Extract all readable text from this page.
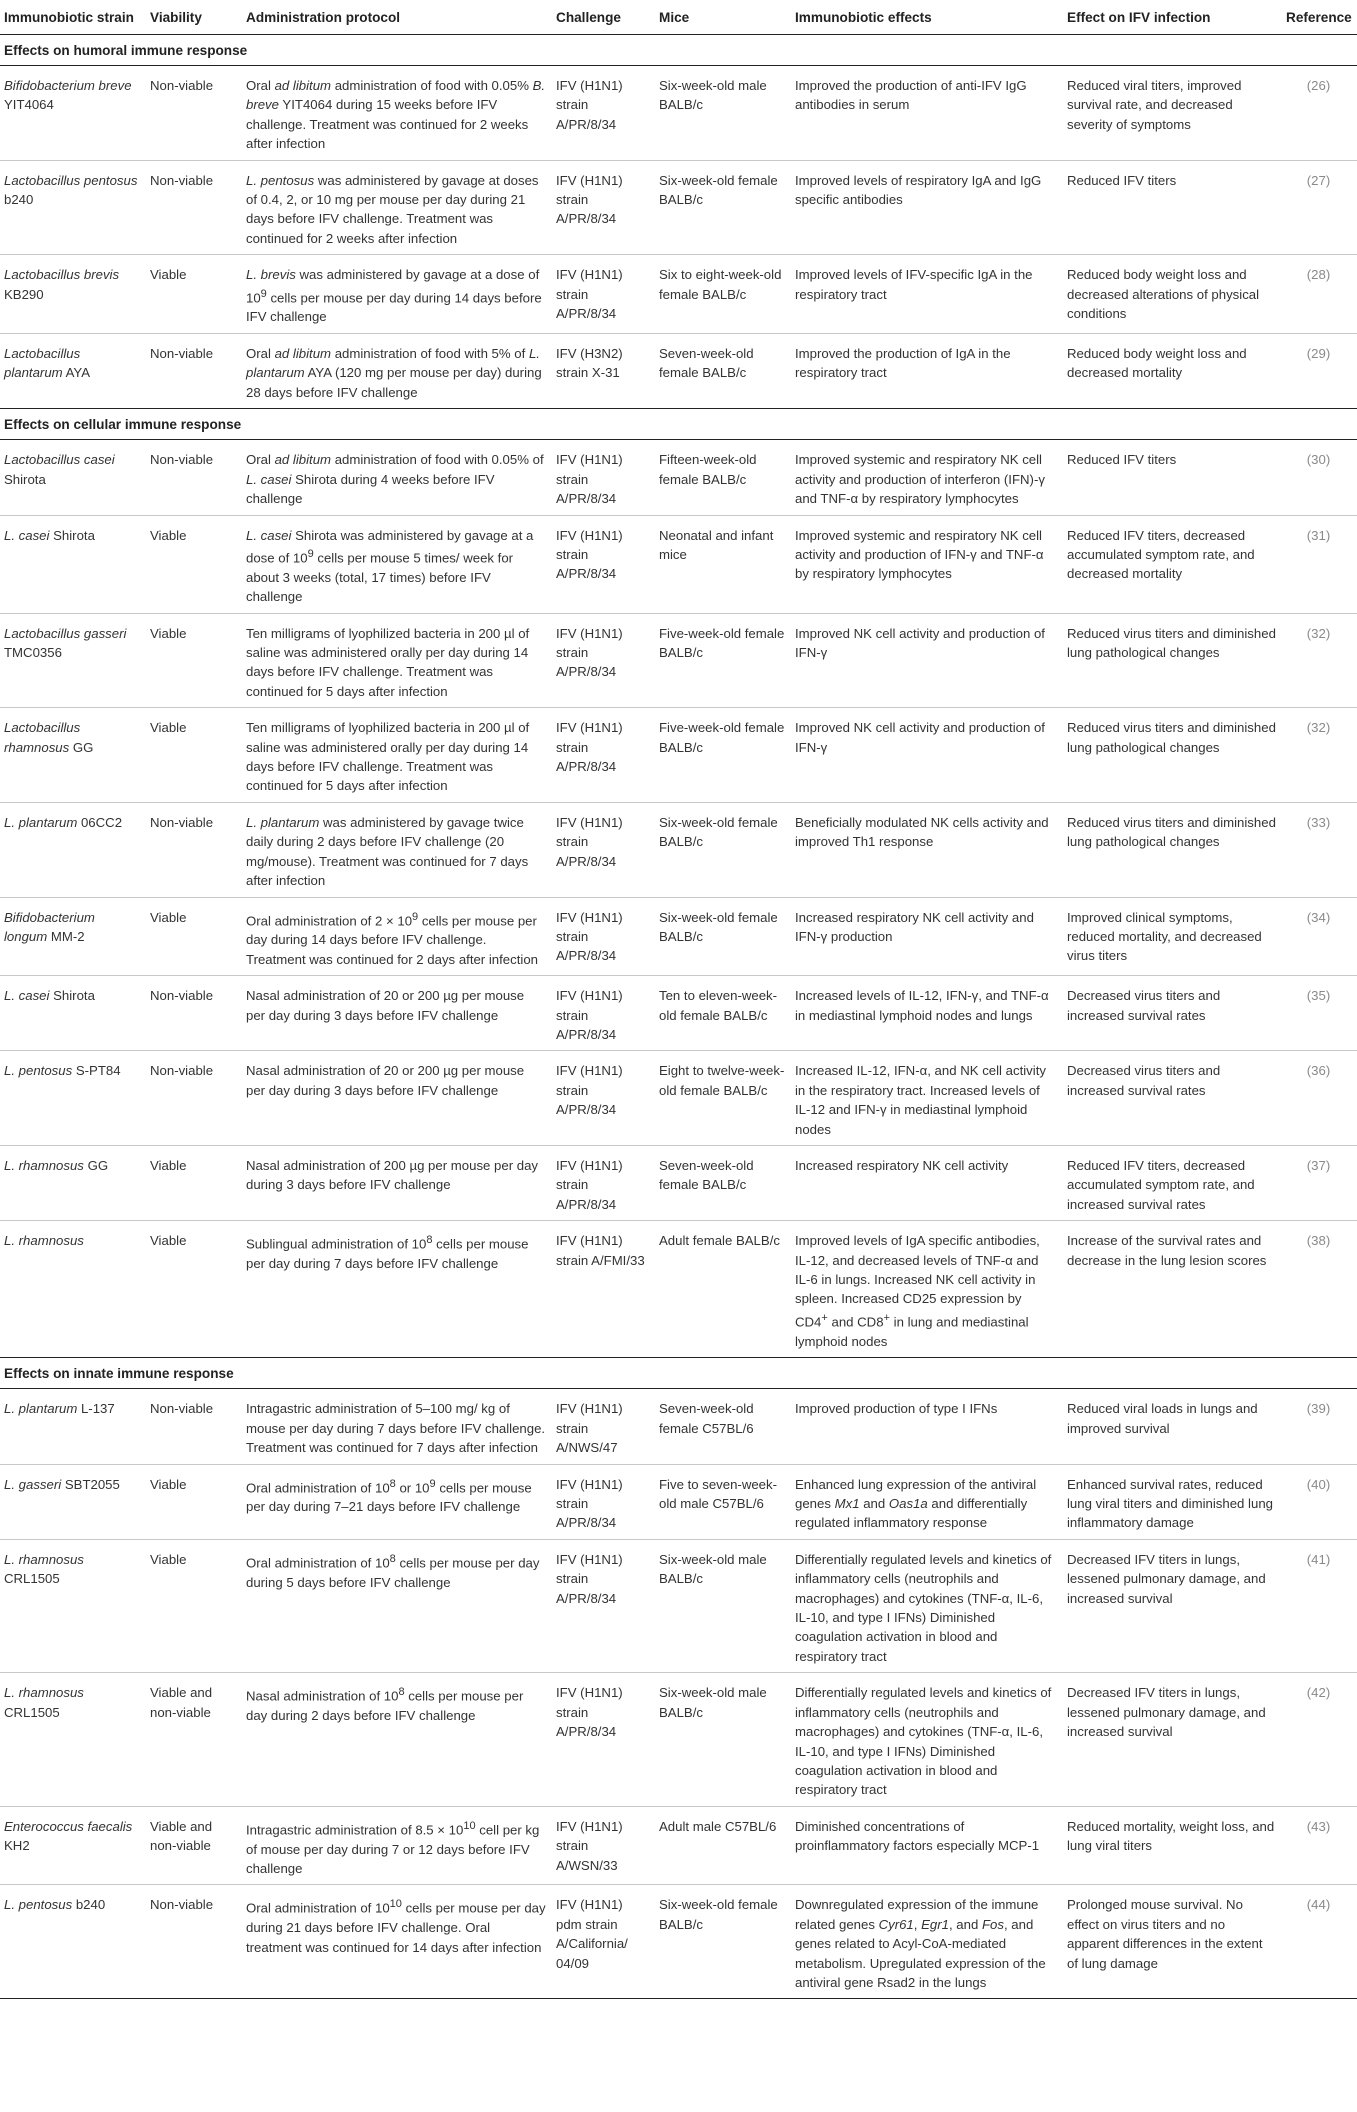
Immunobiotic strain	Viability	Administration protocol	Challenge	Mice	Immunobiotic effects	Effect on IFV infection	Reference
Effects on humoral immune response							
Bifidobacterium breve YIT4064	Non-viable	Oral ad libitum administration of food with 0.05% B. breve YIT4064 during 15 weeks before IFV challenge. Treatment was continued for 2 weeks after infection	IFV (H1N1) strain A/PR/8/34	Six-week-old male BALB/c	Improved the production of anti-IFV IgG antibodies in serum	Reduced viral titers, improved survival rate, and decreased severity of symptoms	(26)
Lactobacillus pentosus b240	Non-viable	L. pentosus was administered by gavage at doses of 0.4, 2, or 10 mg per mouse per day during 21 days before IFV challenge. Treatment was continued for 2 weeks after infection	IFV (H1N1) strain A/PR/8/34	Six-week-old female BALB/c	Improved levels of respiratory IgA and IgG specific antibodies	Reduced IFV titers	(27)
Lactobacillus brevis KB290	Viable	L. brevis was administered by gavage at a dose of $10^9$ cells per mouse per day during 14 days before IFV challenge	IFV (H1N1) strain A/PR/8/34	Six to eight-week-old female BALB/c	Improved levels of IFV-specific IgA in the respiratory tract	Reduced body weight loss and decreased alterations of physical conditions	(28)
Lactobacillus plantarum AYA	Non-viable	Oral ad libitum administration of food with 5% of L. plantarum AYA (120 mg per mouse per day) during 28 days before IFV challenge	IFV (H3N2) strain X-31	Seven-week-old female BALB/c	Improved the production of IgA in the respiratory tract	Reduced body weight loss and decreased mortality	(29)
Effects on cellular immune response							
Lactobacillus casei Shirota	Non-viable	Oral ad libitum administration of food with 0.05% of L. casei Shirota during 4 weeks before IFV challenge	IFV (H1N1) strain A/PR/8/34	Fifteen-week-old female BALB/c	Improved systemic and respiratory NK cell activity and production of interferon (IFN)-γ and TNF-α by respiratory lymphocytes	Reduced IFV titers	(30)
L. casei Shirota	Viable	L. casei Shirota was administered by gavage at a dose of $10^9$ cells per mouse 5 times/ week for about 3 weeks (total, 17 times) before IFV challenge	IFV (H1N1) strain A/PR/8/34	Neonatal and infant mice	Improved systemic and respiratory NK cell activity and production of IFN-γ and TNF-α by respiratory lymphocytes	Reduced IFV titers, decreased accumulated symptom rate, and decreased mortality	(31)
Lactobacillus gasseri TMC0356	Viable	Ten milligrams of lyophilized bacteria in 200 µl of saline was administered orally per day during 14 days before IFV challenge. Treatment was continued for 5 days after infection	IFV (H1N1) strain A/PR/8/34	Five-week-old female BALB/c	Improved NK cell activity and production of IFN-γ	Reduced virus titers and diminished lung pathological changes	(32)
Lactobacillus rhamnosus GG	Viable	Ten milligrams of lyophilized bacteria in 200 µl of saline was administered orally per day during 14 days before IFV challenge. Treatment was continued for 5 days after infection	IFV (H1N1) strain A/PR/8/34	Five-week-old female BALB/c	Improved NK cell activity and production of IFN-γ	Reduced virus titers and diminished lung pathological changes	(32)
L. plantarum 06CC2	Non-viable	L. plantarum was administered by gavage twice daily during 2 days before IFV challenge (20 mg/mouse). Treatment was continued for 7 days after infection	IFV (H1N1) strain A/PR/8/34	Six-week-old female BALB/c	Beneficially modulated NK cells activity and improved Th1 response	Reduced virus titers and diminished lung pathological changes	(33)
Bifidobacterium longum MM-2	Viable	Oral administration of $2 \times 10^9$ cells per mouse per day during 14 days before IFV challenge. Treatment was continued for 2 days after infection	IFV (H1N1) strain A/PR/8/34	Six-week-old female BALB/c	Increased respiratory NK cell activity and IFN-γ production	Improved clinical symptoms, reduced mortality, and decreased virus titers	(34)
L. casei Shirota	Non-viable	Nasal administration of 20 or 200 µg per mouse per day during 3 days before IFV challenge	IFV (H1N1) strain A/PR/8/34	Ten to eleven-week-old female BALB/c	Increased levels of IL-12, IFN-γ, and TNF-α in mediastinal lymphoid nodes and lungs	Decreased virus titers and increased survival rates	(35)
L. pentosus S-PT84	Non-viable	Nasal administration of 20 or 200 µg per mouse per day during 3 days before IFV challenge	IFV (H1N1) strain A/PR/8/34	Eight to twelve-week-old female BALB/c	Increased IL-12, IFN-α, and NK cell activity in the respiratory tract. Increased levels of IL-12 and IFN-γ in mediastinal lymphoid nodes	Decreased virus titers and increased survival rates	(36)
L. rhamnosus GG	Viable	Nasal administration of 200 µg per mouse per day during 3 days before IFV challenge	IFV (H1N1) strain A/PR/8/34	Seven-week-old female BALB/c	Increased respiratory NK cell activity	Reduced IFV titers, decreased accumulated symptom rate, and increased survival rates	(37)
L. rhamnosus	Viable	Sublingual administration of $10^8$ cells per mouse per day during 7 days before IFV challenge	IFV (H1N1) strain A/FMI/33	Adult female BALB/c	Improved levels of IgA specific antibodies, IL-12, and decreased levels of TNF-α and IL-6 in lungs. Increased NK cell activity in spleen. Increased CD25 expression by CD4+ and CD8+ in lung and mediastinal lymphoid nodes	Increase of the survival rates and decrease in the lung lesion scores	(38)
Effects on innate immune response							
L. plantarum L-137	Non-viable	Intragastric administration of 5–100 mg/ kg of mouse per day during 7 days before IFV challenge. Treatment was continued for 7 days after infection	IFV (H1N1) strain A/NWS/47	Seven-week-old female C57BL/6	Improved production of type I IFNs	Reduced viral loads in lungs and improved survival	(39)
L. gasseri SBT2055	Viable	Oral administration of $10^8$ or $10^9$ cells per mouse per day during 7–21 days before IFV challenge	IFV (H1N1) strain A/PR/8/34	Five to seven-week-old male C57BL/6	Enhanced lung expression of the antiviral genes Mx1 and Oas1a and differentially regulated inflammatory response	Enhanced survival rates, reduced lung viral titers and diminished lung inflammatory damage	(40)
L. rhamnosus CRL1505	Viable	Oral administration of $10^8$ cells per mouse per day during 5 days before IFV challenge	IFV (H1N1) strain A/PR/8/34	Six-week-old male BALB/c	Differentially regulated levels and kinetics of inflammatory cells (neutrophils and macrophages) and cytokines (TNF-α, IL-6, IL-10, and type I IFNs) Diminished coagulation activation in blood and respiratory tract	Decreased IFV titers in lungs, lessened pulmonary damage, and increased survival	(41)
L. rhamnosus CRL1505	Viable and non-viable	Nasal administration of $10^8$ cells per mouse per day during 2 days before IFV challenge	IFV (H1N1) strain A/PR/8/34	Six-week-old male BALB/c	Differentially regulated levels and kinetics of inflammatory cells (neutrophils and macrophages) and cytokines (TNF-α, IL-6, IL-10, and type I IFNs) Diminished coagulation activation in blood and respiratory tract	Decreased IFV titers in lungs, lessened pulmonary damage, and increased survival	(42)
Enterococcus faecalis KH2	Viable and non-viable	Intragastric administration of $8.5 \times 10^{10}$ cell per kg of mouse per day during 7 or 12 days before IFV challenge	IFV (H1N1) strain A/WSN/33	Adult male C57BL/6	Diminished concentrations of proinflammatory factors especially MCP-1	Reduced mortality, weight loss, and lung viral titers	(43)
L. pentosus b240	Non-viable	Oral administration of $10^{10}$ cells per mouse per day during 21 days before IFV challenge. Oral treatment was continued for 14 days after infection	IFV (H1N1) pdm strain A/California/ 04/09	Six-week-old female BALB/c	Downregulated expression of the immune related genes Cyr61, Egr1, and Fos, and genes related to Acyl-CoA-mediated metabolism. Upregulated expression of the antiviral gene Rsad2 in the lungs	Prolonged mouse survival. No effect on virus titers and no apparent differences in the extent of lung damage	(44)
